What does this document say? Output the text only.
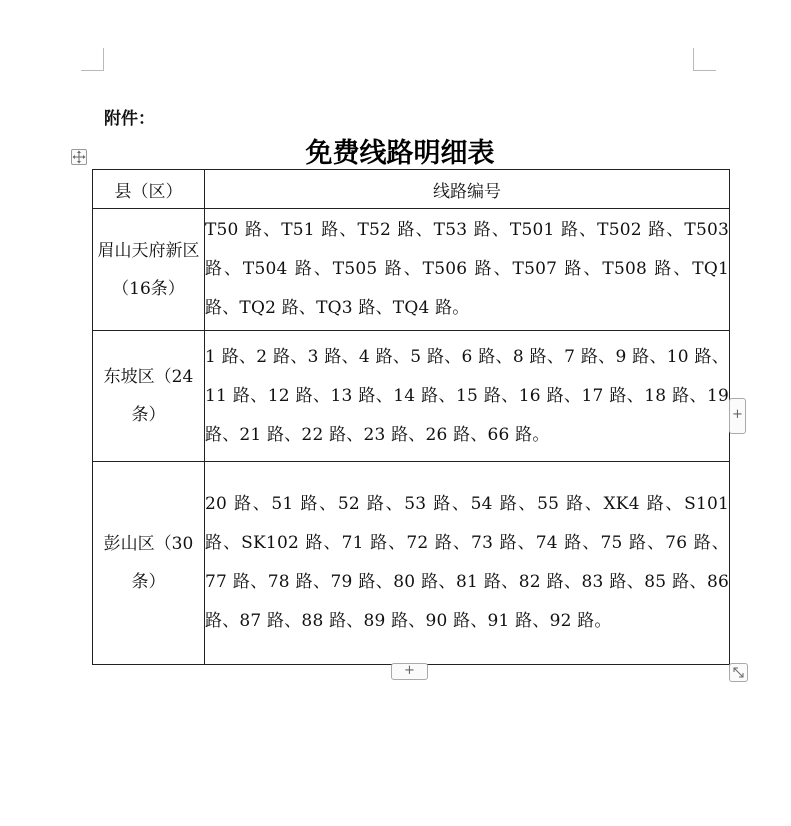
附件：
免费线路明细表
县（区）	线路编号
眉山天府新区（16条）	T50 路、T51 路、T52 路、T53 路、T501 路、T502 路、T503 路、T504 路、T505 路、T506 路、T507 路、T508 路、TQ1 路、TQ2 路、TQ3 路、TQ4 路。
东坡区（24 条）	1 路、2 路、3 路、4 路、5 路、6 路、8 路、7 路、9 路、10 路、11 路、12 路、13 路、14 路、15 路、16 路、17 路、18 路、19 路、21 路、22 路、23 路、26 路、66 路。
彭山区（30 条）	20 路、51 路、52 路、53 路、54 路、55 路、XK4 路、S101 路、SK102 路、71 路、72 路、73 路、74 路、75 路、76 路、77 路、78 路、79 路、80 路、81 路、82 路、83 路、85 路、86 路、87 路、88 路、89 路、90 路、91 路、92 路。
+
+
